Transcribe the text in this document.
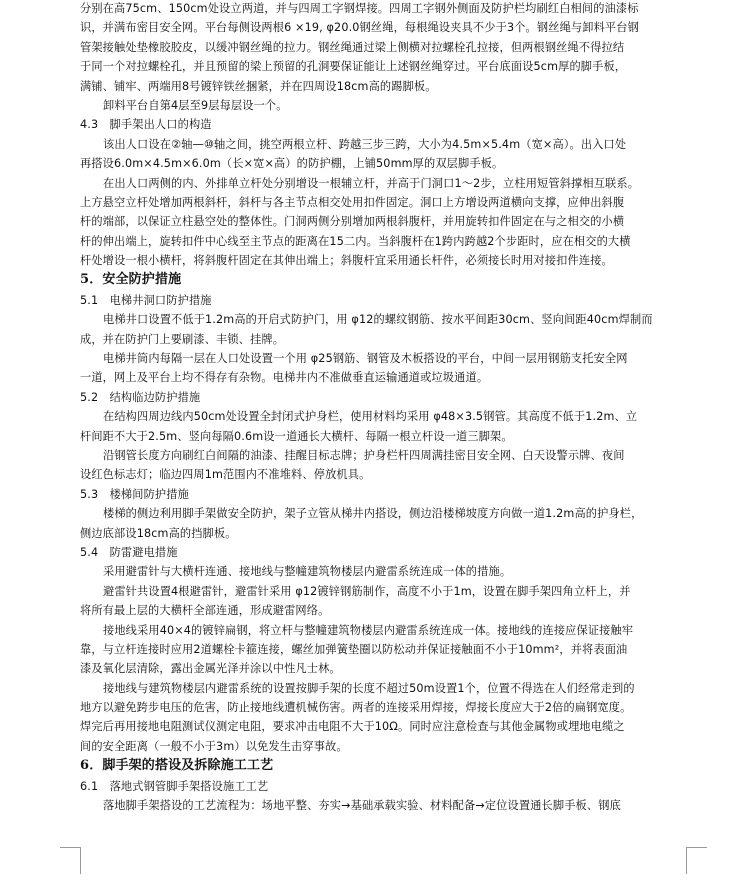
分别在高75cm、150cm处设立两道，并与四周工字钢焊接。四周工字钢外侧面及防护栏均刷红白相间的油漆标
识，并满布密目安全网。平台每侧设两根6 ×19, φ20.0钢丝绳，每根绳设夹具不少于3个。钢丝绳与卸料平台钢
管架接触处垫橡胶胶皮，以缓冲钢丝绳的拉力。钢丝绳通过梁上侧横对拉螺栓孔拉接，但两根钢丝绳不得拉结
于同一个对拉螺栓孔，并且预留的梁上预留的孔洞要保证能让上述钢丝绳穿过。平台底面设5cm厚的脚手板，
满铺、铺牢、两端用8号镀锌铁丝捆紧，并在四周设18cm高的踢脚板。
卸料平台自第4层至9层每层设一个。
4.3　脚手架出人口的构造
该出人口设在②轴—⑩轴之间，挑空两根立杆、跨越三步三跨，大小为4.5m×5.4m（宽×高）。出入口处
再搭设6.0m×4.5m×6.0m（长×宽×高）的防护棚，上铺50mm厚的双层脚手板。
在出人口两侧的内、外排单立杆处分别增设一根辅立杆，并高于门洞口1～2步，立柱用短管斜撑相互联系。
上方悬空立杆处增加两根斜杆，斜杆与各主节点相交处用扣件固定。洞口上方增设两道横向支撑，应伸出斜腹
杆的端部，以保证立柱悬空处的整体性。门洞两侧分别增加两根斜腹杆，并用旋转扣件固定在与之相交的小横
杆的伸出端上，旋转扣件中心线至主节点的距离在15二内。当斜腹杆在1跨内跨越2个步距时，应在相交的大横
杆处增设一根小横杆，将斜腹杆固定在其伸出端上；斜腹杆宜采用通长杆件，必须接长时用对接扣件连接。
5．安全防护措施
5.1　电梯井洞口防护措施
电梯井口设置不低于1.2m高的开启式防护门，用 φ12的螺纹钢筋、按水平间距30cm、竖向间距40cm焊制而
成，并在防护门上要刷漆、丰锁、挂牌。
电梯井筒内每隔一层在人口处设置一个用 φ25钢筋、钢管及木板搭设的平台，中间一层用钢筋支托安全网
一道，网上及平台上均不得存有杂物。电梯井内不准做垂直运输通道或垃圾通道。
5.2　结构临边防护措施
在结构四周边线内50cm处设置全封闭式护身栏，使用材料均采用 φ48×3.5钢管。其高度不低于1.2m、立
杆间距不大于2.5m、竖向每隔0.6m设一道通长大横杆、每隔一根立杆设一道三脚架。
沿钢管长度方向刷红白间隔的油漆、挂醒目标志牌；护身栏杆四周满挂密目安全网、白天设警示牌、夜间
设红色标志灯；临边四周1m范围内不准堆料、停放机具。
5.3　楼梯间防护措施
楼梯的侧边利用脚手架做安全防护，架子立管从梯井内搭设，侧边沿楼梯坡度方向做一道1.2m高的护身栏，
侧边底部设18cm高的挡脚板。
5.4　防雷避电措施
采用避雷针与大横杆连通、接地线与整幢建筑物楼层内避雷系统连成一体的措施。
避雷针共设置4根避雷针，避雷针采用 φ12镀锌钢筋制作，高度不小于1m，设置在脚手架四角立杆上，并
将所有最上层的大横杆全部连通，形成避雷网络。
接地线采用40×4的镀锌扁钢，将立杆与整幢建筑物楼层内避雷系统连成一体。接地线的连接应保证接触牢
靠，与立杆连接时应用2道螺栓卡箍连接，螺丝加弹簧垫圈以防松动并保证接触面不小于10mm²，并将表面油
漆及氧化层清除，露出金属光泽并涂以中性凡士林。
接地线与建筑物楼层内避雷系统的设置按脚手架的长度不超过50m设置1个，位置不得选在人们经常走到的
地方以避免跨步电压的危害，防止接地线遭机械伤害。两者的连接采用焊接，焊接长度应大于2倍的扁钢宽度。
焊完后再用接地电阻测试仪测定电阻，要求冲击电阻不大于10Ω。同时应注意检查与其他金属物或埋地电缆之
间的安全距离（一般不小于3m）以免发生击穿事故。
6．脚手架的搭设及拆除施工工艺
6.1　落地式钢管脚手架搭设施工工艺
落地脚手架搭设的工艺流程为：场地平整、夯实→基础承载实验、材料配备→定位设置通长脚手板、钢底
